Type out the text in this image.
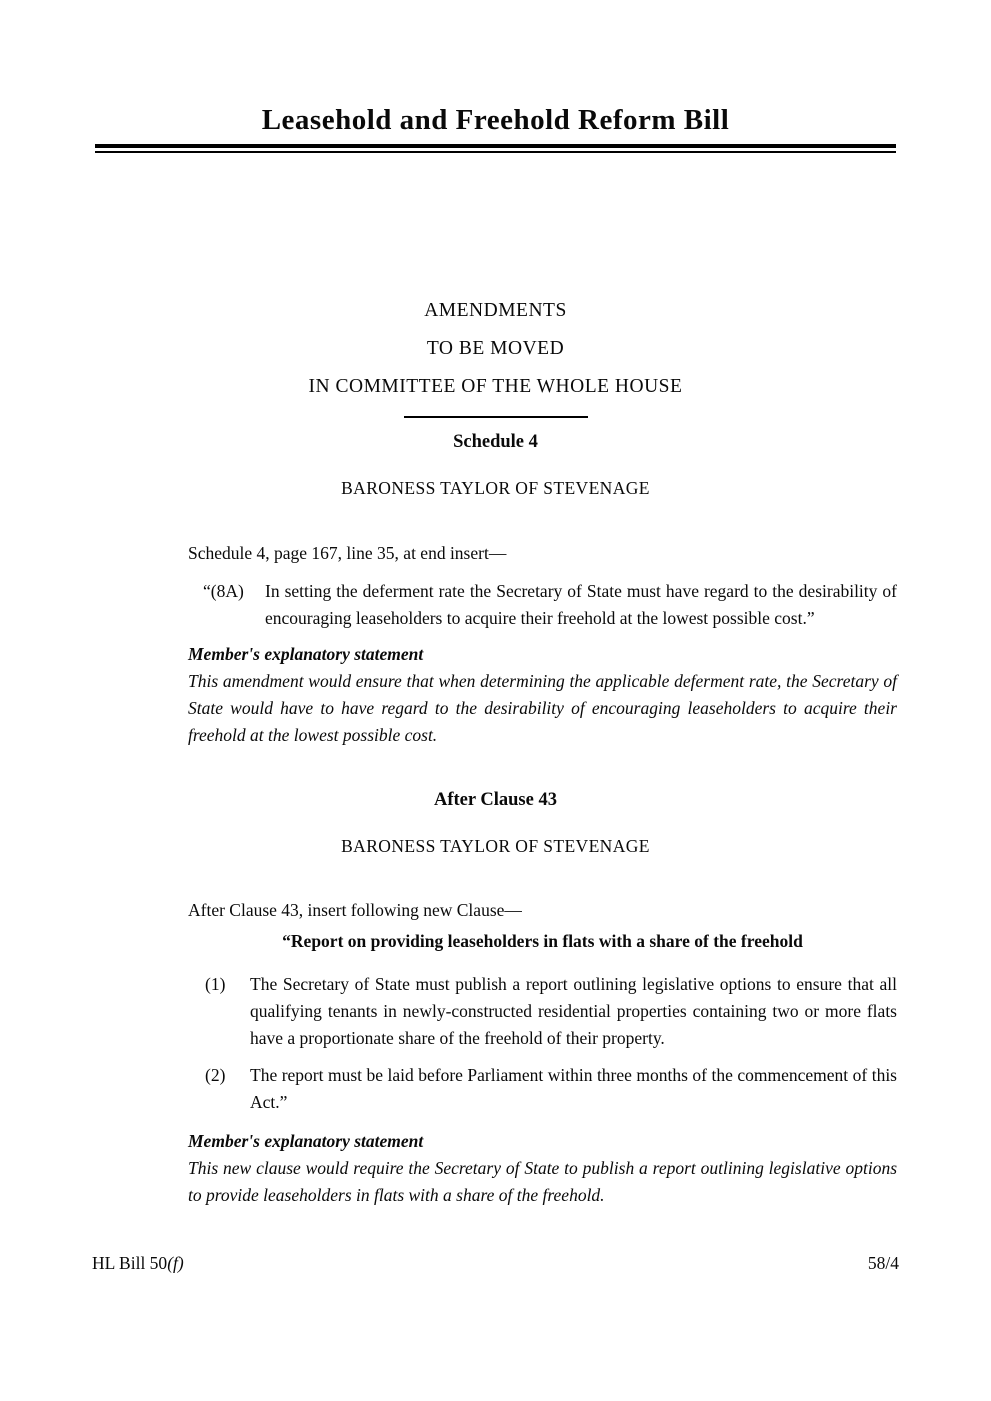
Leasehold and Freehold Reform Bill
AMENDMENTS
TO BE MOVED
IN COMMITTEE OF THE WHOLE HOUSE
Schedule 4
BARONESS TAYLOR OF STEVENAGE
Schedule 4, page 167, line 35, at end insert—
“(8A) In setting the deferment rate the Secretary of State must have regard to the desirability of encouraging leaseholders to acquire their freehold at the lowest possible cost.”
Member's explanatory statement
This amendment would ensure that when determining the applicable deferment rate, the Secretary of State would have to have regard to the desirability of encouraging leaseholders to acquire their freehold at the lowest possible cost.
After Clause 43
BARONESS TAYLOR OF STEVENAGE
After Clause 43, insert following new Clause—
“Report on providing leaseholders in flats with a share of the freehold
(1) The Secretary of State must publish a report outlining legislative options to ensure that all qualifying tenants in newly-constructed residential properties containing two or more flats have a proportionate share of the freehold of their property.
(2) The report must be laid before Parliament within three months of the commencement of this Act.”
Member's explanatory statement
This new clause would require the Secretary of State to publish a report outlining legislative options to provide leaseholders in flats with a share of the freehold.
HL Bill 50(f)	58/4
